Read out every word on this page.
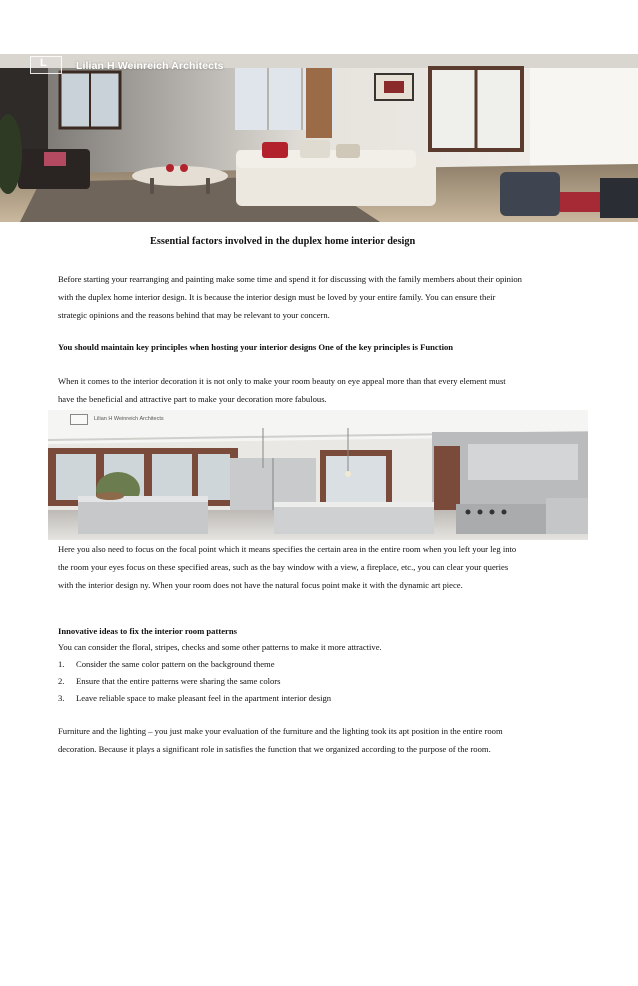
L	Lilian H Weinreich Architects
Essential factors involved in the duplex home interior design

Before starting your rearranging and painting make some time and spend it for discussing with the family members about their opinion

with the duplex home interior design. It is because the interior design must be loved by your entire family. You can ensure their

strategic opinions and the reasons behind that may be relevant to your concern.

You should maintain key principles when hosting your interior designs One of the key principles is Function

When it comes to the interior decoration it is not only to make your room beauty on eye appeal more than that every element must

have the beneficial and attractive part to make your decoration more fabulous.

Lilian H Weinreich Architects

Here you also need to focus on the focal point which it means specifies the certain area in the entire room when you left your leg into

the room your eyes focus on these specified areas, such as the bay window with a view, a fireplace, etc., you can clear your queries

with the interior design ny. When your room does not have the natural focus point make it with the dynamic art piece.

Innovative ideas to fix the interior room patterns

You can consider the floral, stripes, checks and some other patterns to make it more attractive.

1. Consider the same color pattern on the background theme
2. Ensure that the entire patterns were sharing the same colors
3. Leave reliable space to make pleasant feel in the apartment interior design

Furniture and the lighting – you just make your evaluation of the furniture and the lighting took its apt position in the entire room

decoration. Because it plays a significant role in satisfies the function that we organized according to the purpose of the room.
